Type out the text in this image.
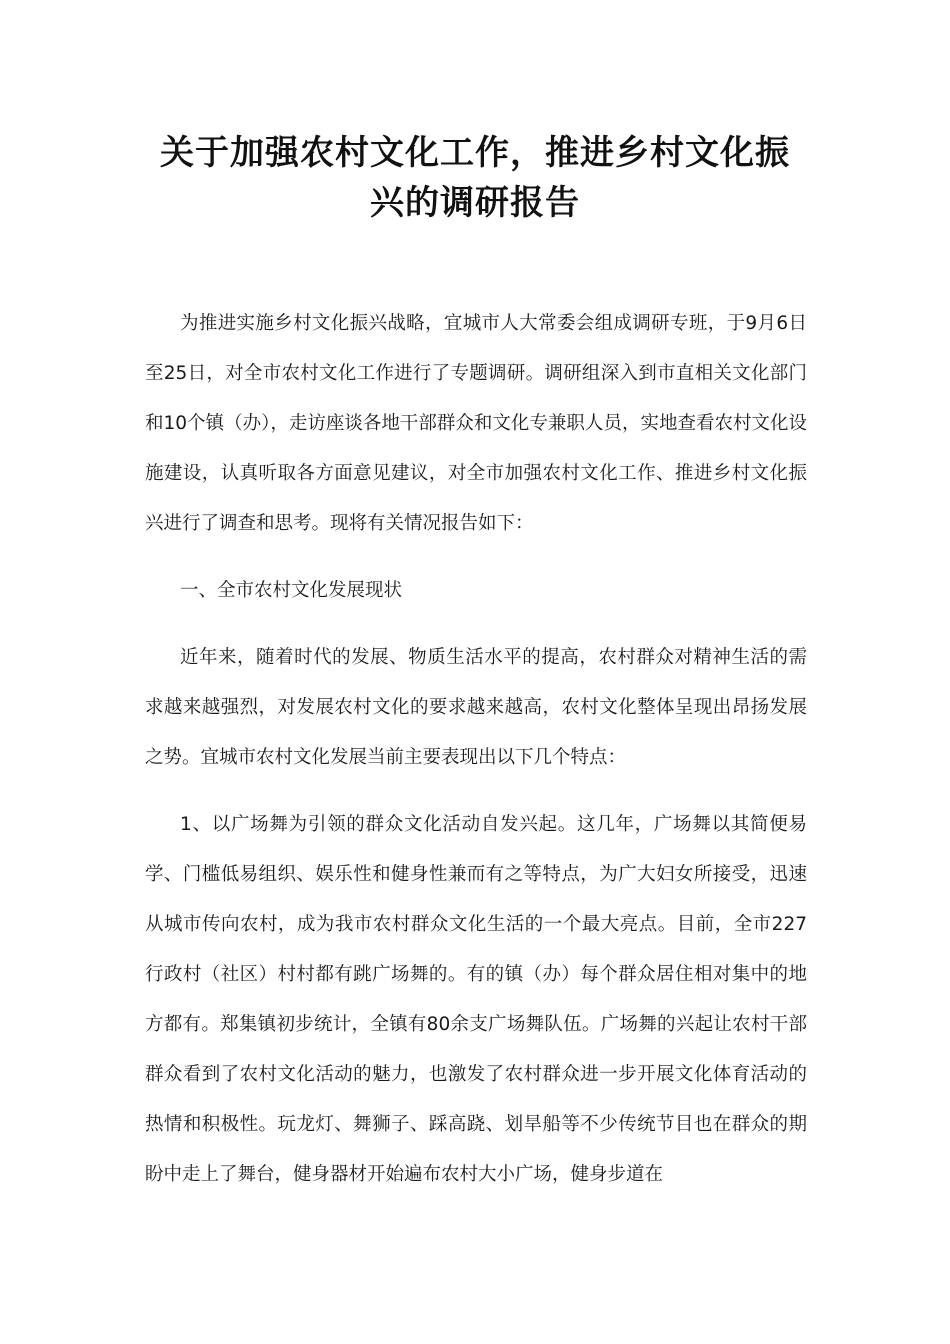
关于加强农村文化工作，推进乡村文化振
兴的调研报告

为推进实施乡村文化振兴战略，宜城市人大常委会组成调研专班，于9月6日至25日，对全市农村文化工作进行了专题调研。调研组深入到市直相关文化部门和10个镇（办），走访座谈各地干部群众和文化专兼职人员，实地查看农村文化设施建设，认真听取各方面意见建议，对全市加强农村文化工作、推进乡村文化振兴进行了调查和思考。现将有关情况报告如下：

一、全市农村文化发展现状

近年来，随着时代的发展、物质生活水平的提高，农村群众对精神生活的需求越来越强烈，对发展农村文化的要求越来越高，农村文化整体呈现出昂扬发展之势。宜城市农村文化发展当前主要表现出以下几个特点：

1、以广场舞为引领的群众文化活动自发兴起。这几年，广场舞以其简便易学、门槛低易组织、娱乐性和健身性兼而有之等特点，为广大妇女所接受，迅速从城市传向农村，成为我市农村群众文化生活的一个最大亮点。目前，全市227行政村（社区）村村都有跳广场舞的。有的镇（办）每个群众居住相对集中的地方都有。郑集镇初步统计，全镇有80余支广场舞队伍。广场舞的兴起让农村干部群众看到了农村文化活动的魅力，也激发了农村群众进一步开展文化体育活动的热情和积极性。玩龙灯、舞狮子、踩高跷、划旱船等不少传统节目也在群众的期盼中走上了舞台，健身器材开始遍布农村大小广场，健身步道在
